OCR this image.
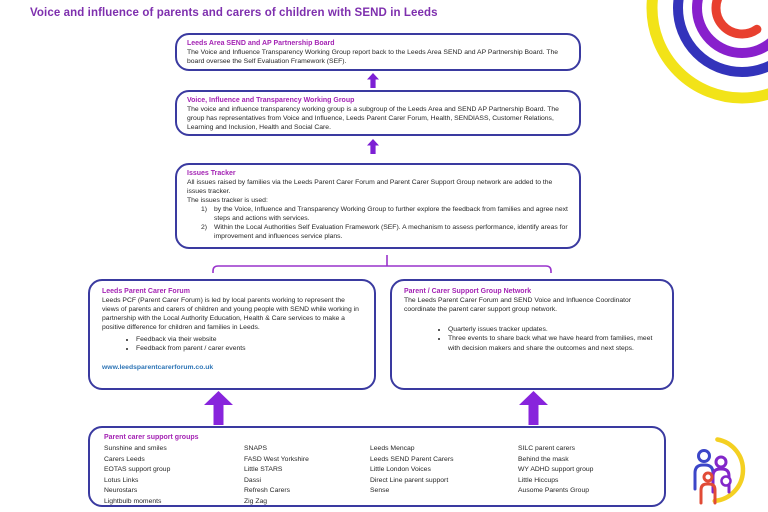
Voice and influence of parents and carers of children with SEND in Leeds
Leeds Area SEND and AP Partnership Board

The Voice and Influence Transparency Working Group report back to the Leeds Area SEND and AP Partnership Board. The board oversee the Self Evaluation Framework (SEF).

Voice, Influence and Transparency Working Group

The voice and influence transparency working group is a subgroup of the Leeds Area and SEND AP Partnership Board. The group has representatives from Voice and Influence, Leeds Parent Carer Forum, Health, SENDIASS, Customer Relations, Learning and Inclusion, Health and Social Care.

Issues Tracker

All issues raised by families via the Leeds Parent Carer Forum and Parent Carer Support Group network are added to the issues tracker.

The issues tracker is used:

by the Voice, Influence and Transparency Working Group to further explore the feedback from families and agree next steps and actions with services.
Within the Local Authorities Self Evaluation Framework (SEF). A mechanism to assess performance, identify areas for improvement and influences service plans.
Leeds Parent Carer Forum

Leeds PCF (Parent Carer Forum) is led by local parents working to represent the views of parents and carers of children and young people with SEND while working in partnership with the Local Authority Education, Health & Care services to make a positive difference for children and families in Leeds.

• Feedback via their website
• Feedback from parent / carer events
www.leedsparentcarerforum.co.uk
Parent / Carer Support Group Network

The Leeds Parent Carer Forum and SEND Voice and Influence Coordinator coordinate the parent carer support group network.

• Quarterly issues tracker updates.
• Three events to share back what we have heard from families, meet with decision makers and share the outcomes and next steps.
Parent carer support groups
Sunshine and smiles
Carers Leeds
EOTAS support group
Lotus Links
Neurostars
Lightbulb moments
SNAPS
FASD West Yorkshire
Little STARS
Dassi
Refresh Carers
Zig Zag
Leeds Mencap
Leeds SEND Parent Carers
Little London Voices
Direct Line parent support
Sense
SILC parent carers
Behind the mask
WY ADHD support group
Little Hiccups
Ausome Parents Group
